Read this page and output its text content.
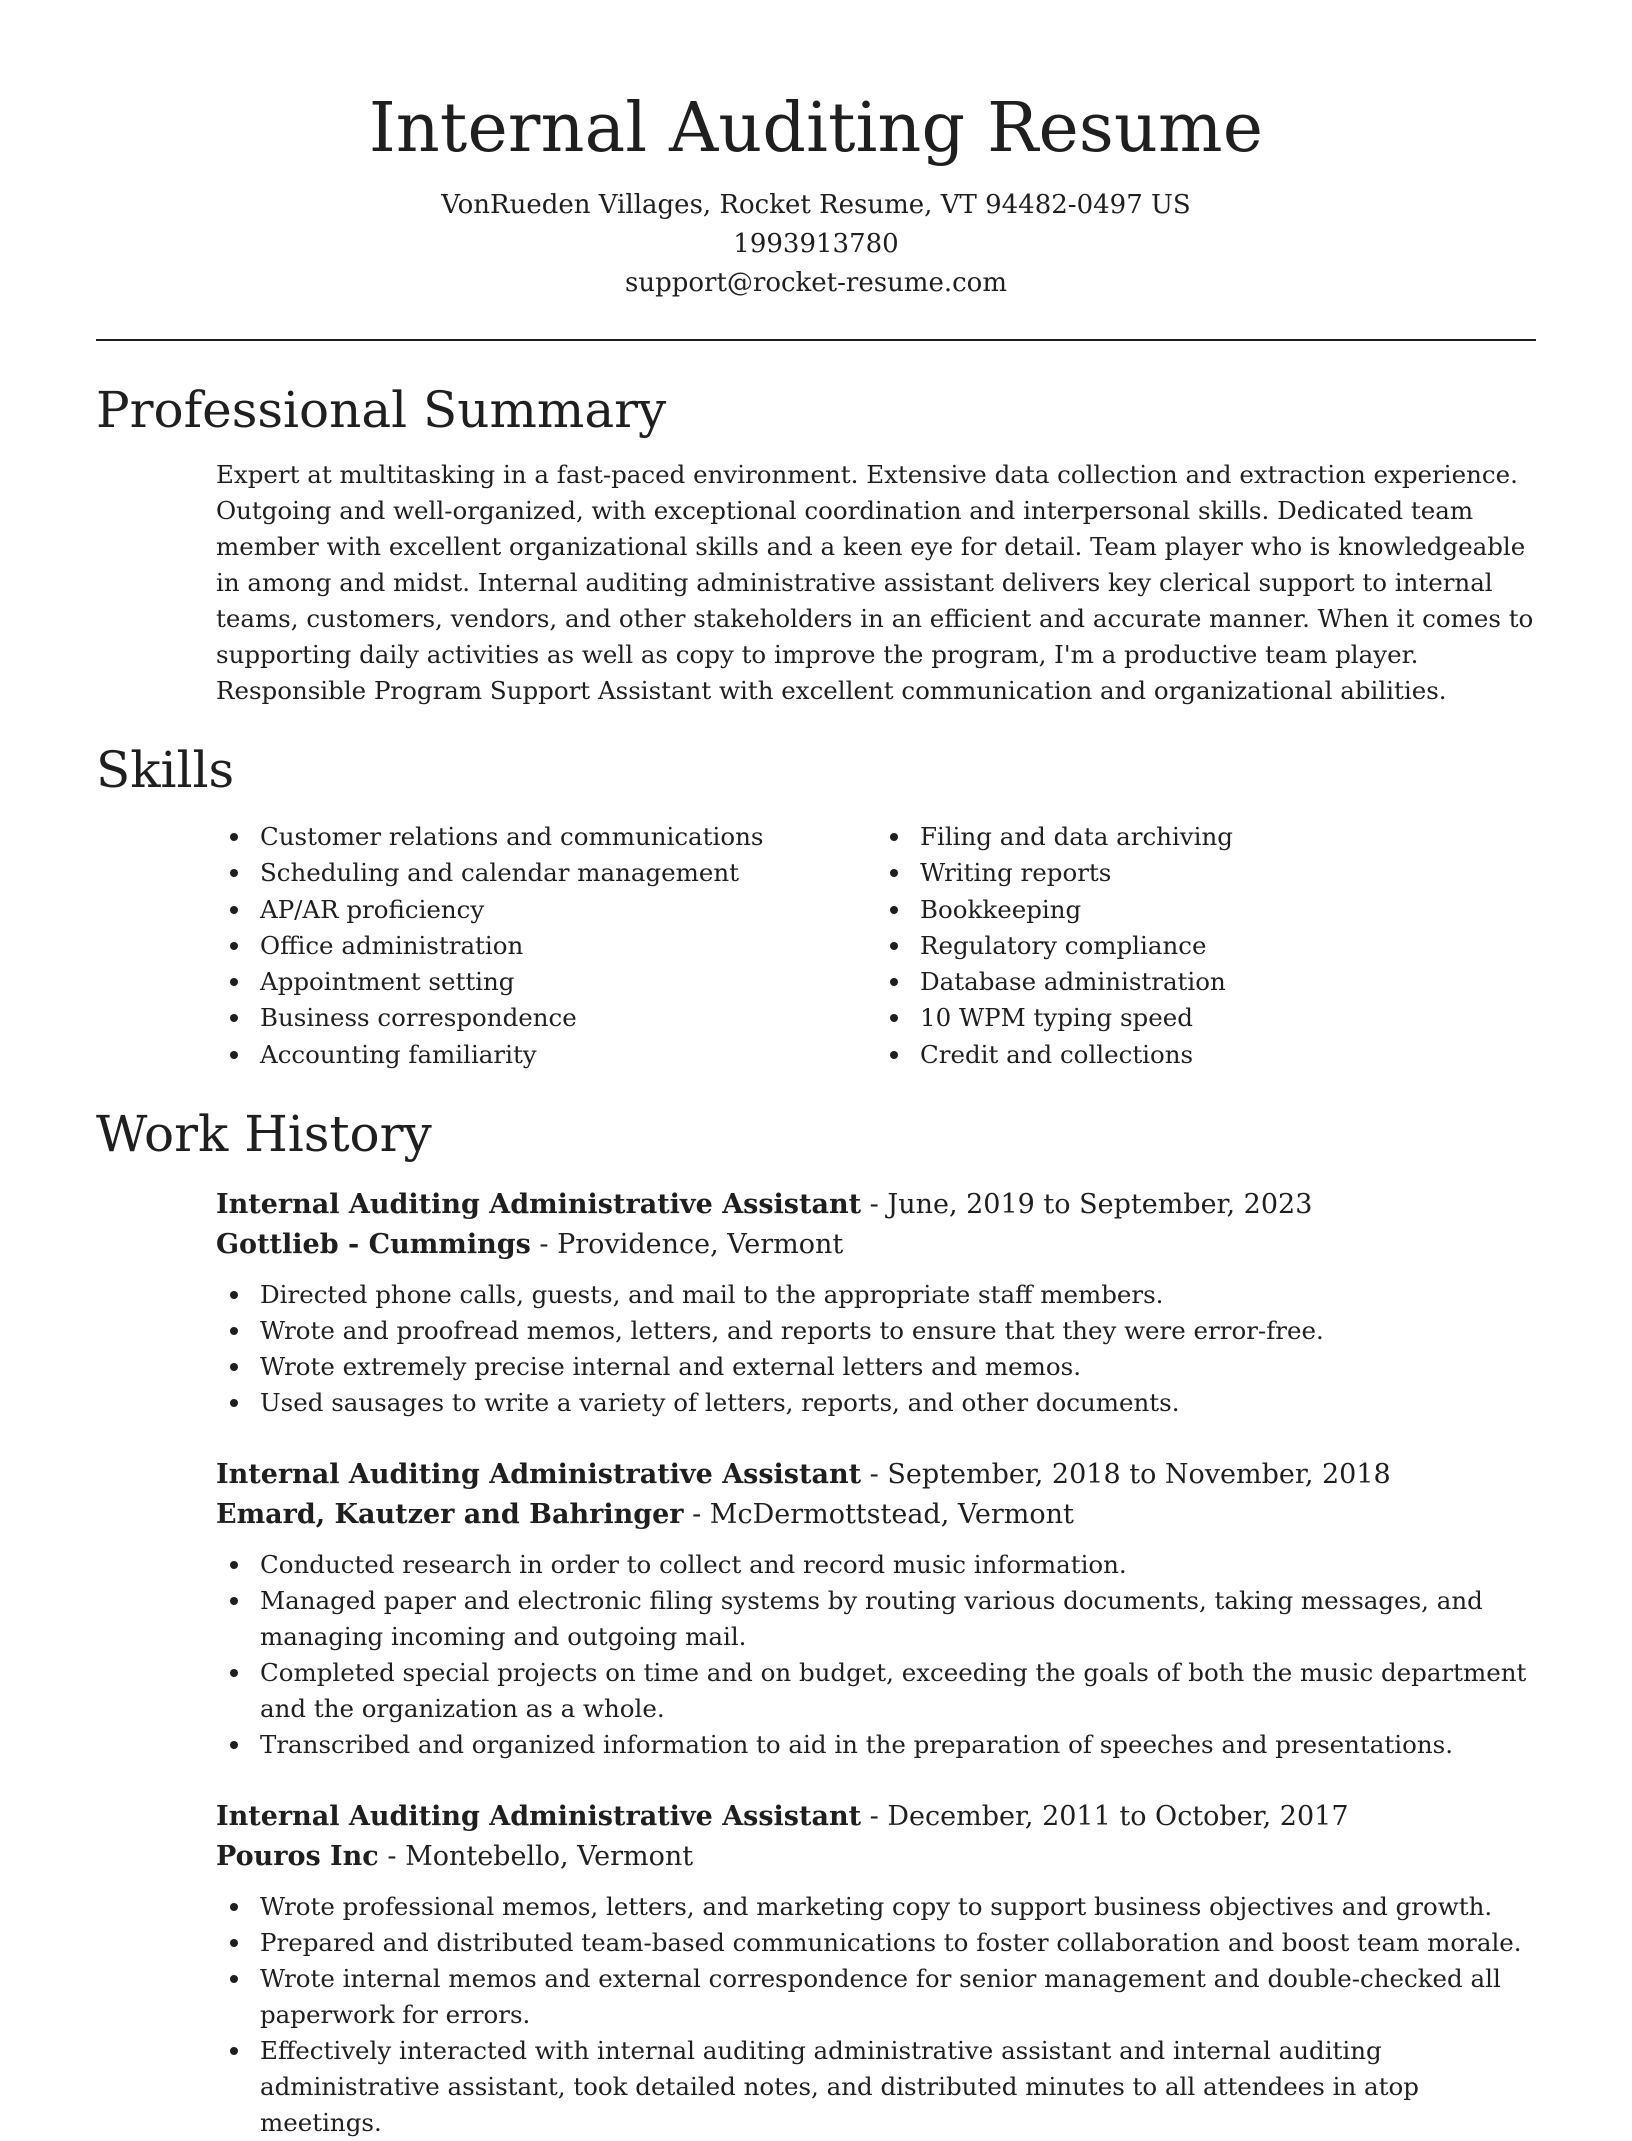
Internal Auditing Resume
VonRueden Villages, Rocket Resume, VT 94482-0497 US
1993913780
support@rocket-resume.com
Professional Summary

Expert at multitasking in a fast-paced environment. Extensive data collection and extraction experience. Outgoing and well-organized, with exceptional coordination and interpersonal skills. Dedicated team member with excellent organizational skills and a keen eye for detail. Team player who is knowledgeable in among and midst. Internal auditing administrative assistant delivers key clerical support to internal teams, customers, vendors, and other stakeholders in an efficient and accurate manner. When it comes to supporting daily activities as well as copy to improve the program, I'm a productive team player. Responsible Program Support Assistant with excellent communication and organizational abilities.

Skills
Customer relations and communications
Scheduling and calendar management
AP/AR proficiency
Office administration
Appointment setting
Business correspondence
Accounting familiarity
Filing and data archiving
Writing reports
Bookkeeping
Regulatory compliance
Database administration
10 WPM typing speed
Credit and collections
Work History
Internal Auditing Administrative Assistant - June, 2019 to September, 2023
Gottlieb - Cummings - Providence, Vermont
Directed phone calls, guests, and mail to the appropriate staff members.
Wrote and proofread memos, letters, and reports to ensure that they were error-free.
Wrote extremely precise internal and external letters and memos.
Used sausages to write a variety of letters, reports, and other documents.
Internal Auditing Administrative Assistant - September, 2018 to November, 2018
Emard, Kautzer and Bahringer - McDermottstead, Vermont
Conducted research in order to collect and record music information.
Managed paper and electronic filing systems by routing various documents, taking messages, and managing incoming and outgoing mail.
Completed special projects on time and on budget, exceeding the goals of both the music department and the organization as a whole.
Transcribed and organized information to aid in the preparation of speeches and presentations.
Internal Auditing Administrative Assistant - December, 2011 to October, 2017
Pouros Inc - Montebello, Vermont
Wrote professional memos, letters, and marketing copy to support business objectives and growth.
Prepared and distributed team-based communications to foster collaboration and boost team morale.
Wrote internal memos and external correspondence for senior management and double-checked all paperwork for errors.
Effectively interacted with internal auditing administrative assistant and internal auditing administrative assistant, took detailed notes, and distributed minutes to all attendees in atop meetings.
